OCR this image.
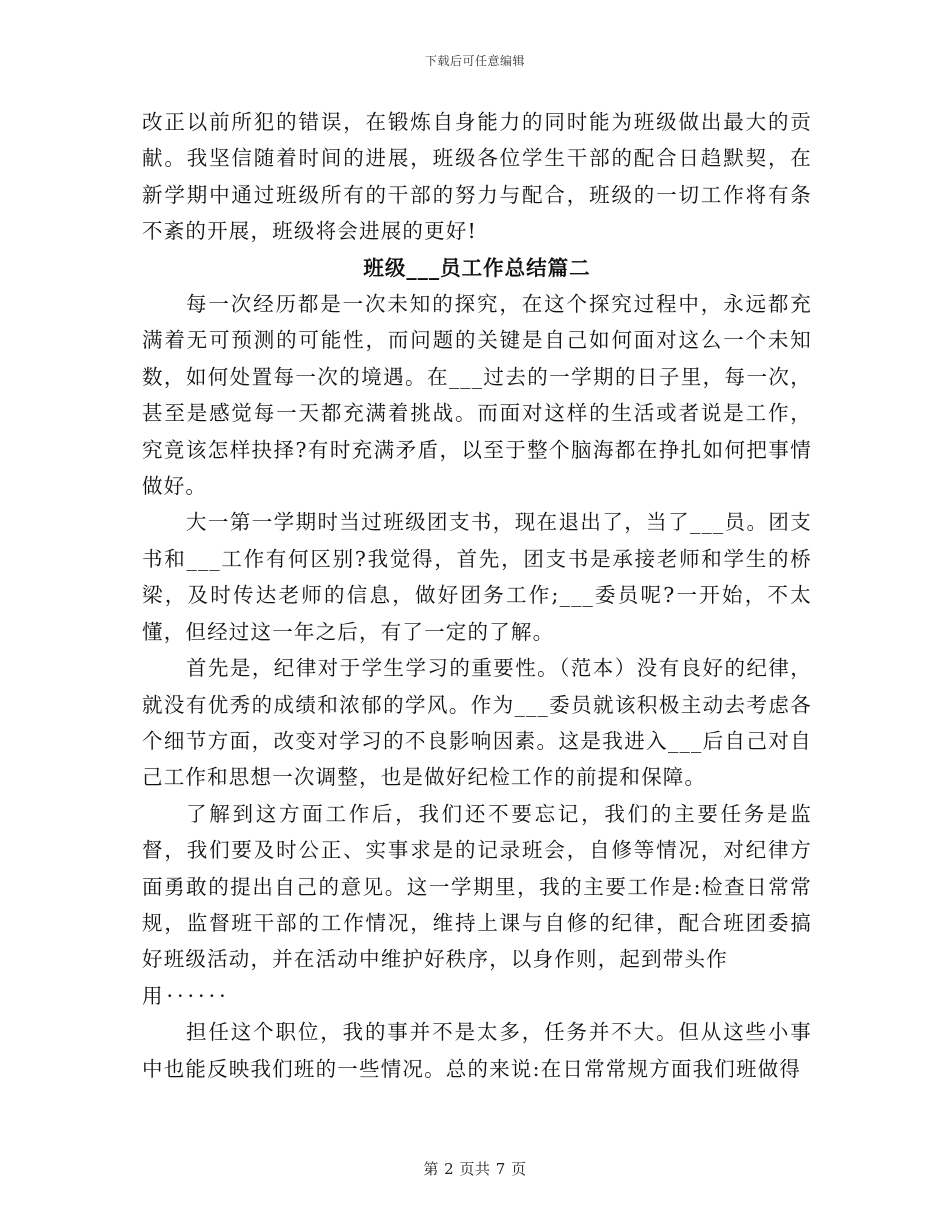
下载后可任意编辑

改正以前所犯的错误，在锻炼自身能力的同时能为班级做出最大的贡献。我坚信随着时间的进展，班级各位学生干部的配合日趋默契，在新学期中通过班级所有的干部的努力与配合，班级的一切工作将有条不紊的开展，班级将会进展的更好!

班级___员工作总结篇二

每一次经历都是一次未知的探究，在这个探究过程中，永远都充满着无可预测的可能性，而问题的关键是自己如何面对这么一个未知数，如何处置每一次的境遇。在___过去的一学期的日子里，每一次，甚至是感觉每一天都充满着挑战。而面对这样的生活或者说是工作，究竟该怎样抉择?有时充满矛盾，以至于整个脑海都在挣扎如何把事情做好。

大一第一学期时当过班级团支书，现在退出了，当了___员。团支书和___工作有何区别?我觉得，首先，团支书是承接老师和学生的桥梁，及时传达老师的信息，做好团务工作;___委员呢?一开始，不太懂，但经过这一年之后，有了一定的了解。

首先是，纪律对于学生学习的重要性。（范本）没有良好的纪律，就没有优秀的成绩和浓郁的学风。作为___委员就该积极主动去考虑各个细节方面，改变对学习的不良影响因素。这是我进入___后自己对自己工作和思想一次调整，也是做好纪检工作的前提和保障。

了解到这方面工作后，我们还不要忘记，我们的主要任务是监督，我们要及时公正、实事求是的记录班会，自修等情况，对纪律方面勇敢的提出自己的意见。这一学期里，我的主要工作是:检查日常常规，监督班干部的工作情况，维持上课与自修的纪律，配合班团委搞好班级活动，并在活动中维护好秩序，以身作则，起到带头作

用······

担任这个职位，我的事并不是太多，任务并不大。但从这些小事中也能反映我们班的一些情况。总的来说:在日常常规方面我们班做得

第 2 页共 7 页
